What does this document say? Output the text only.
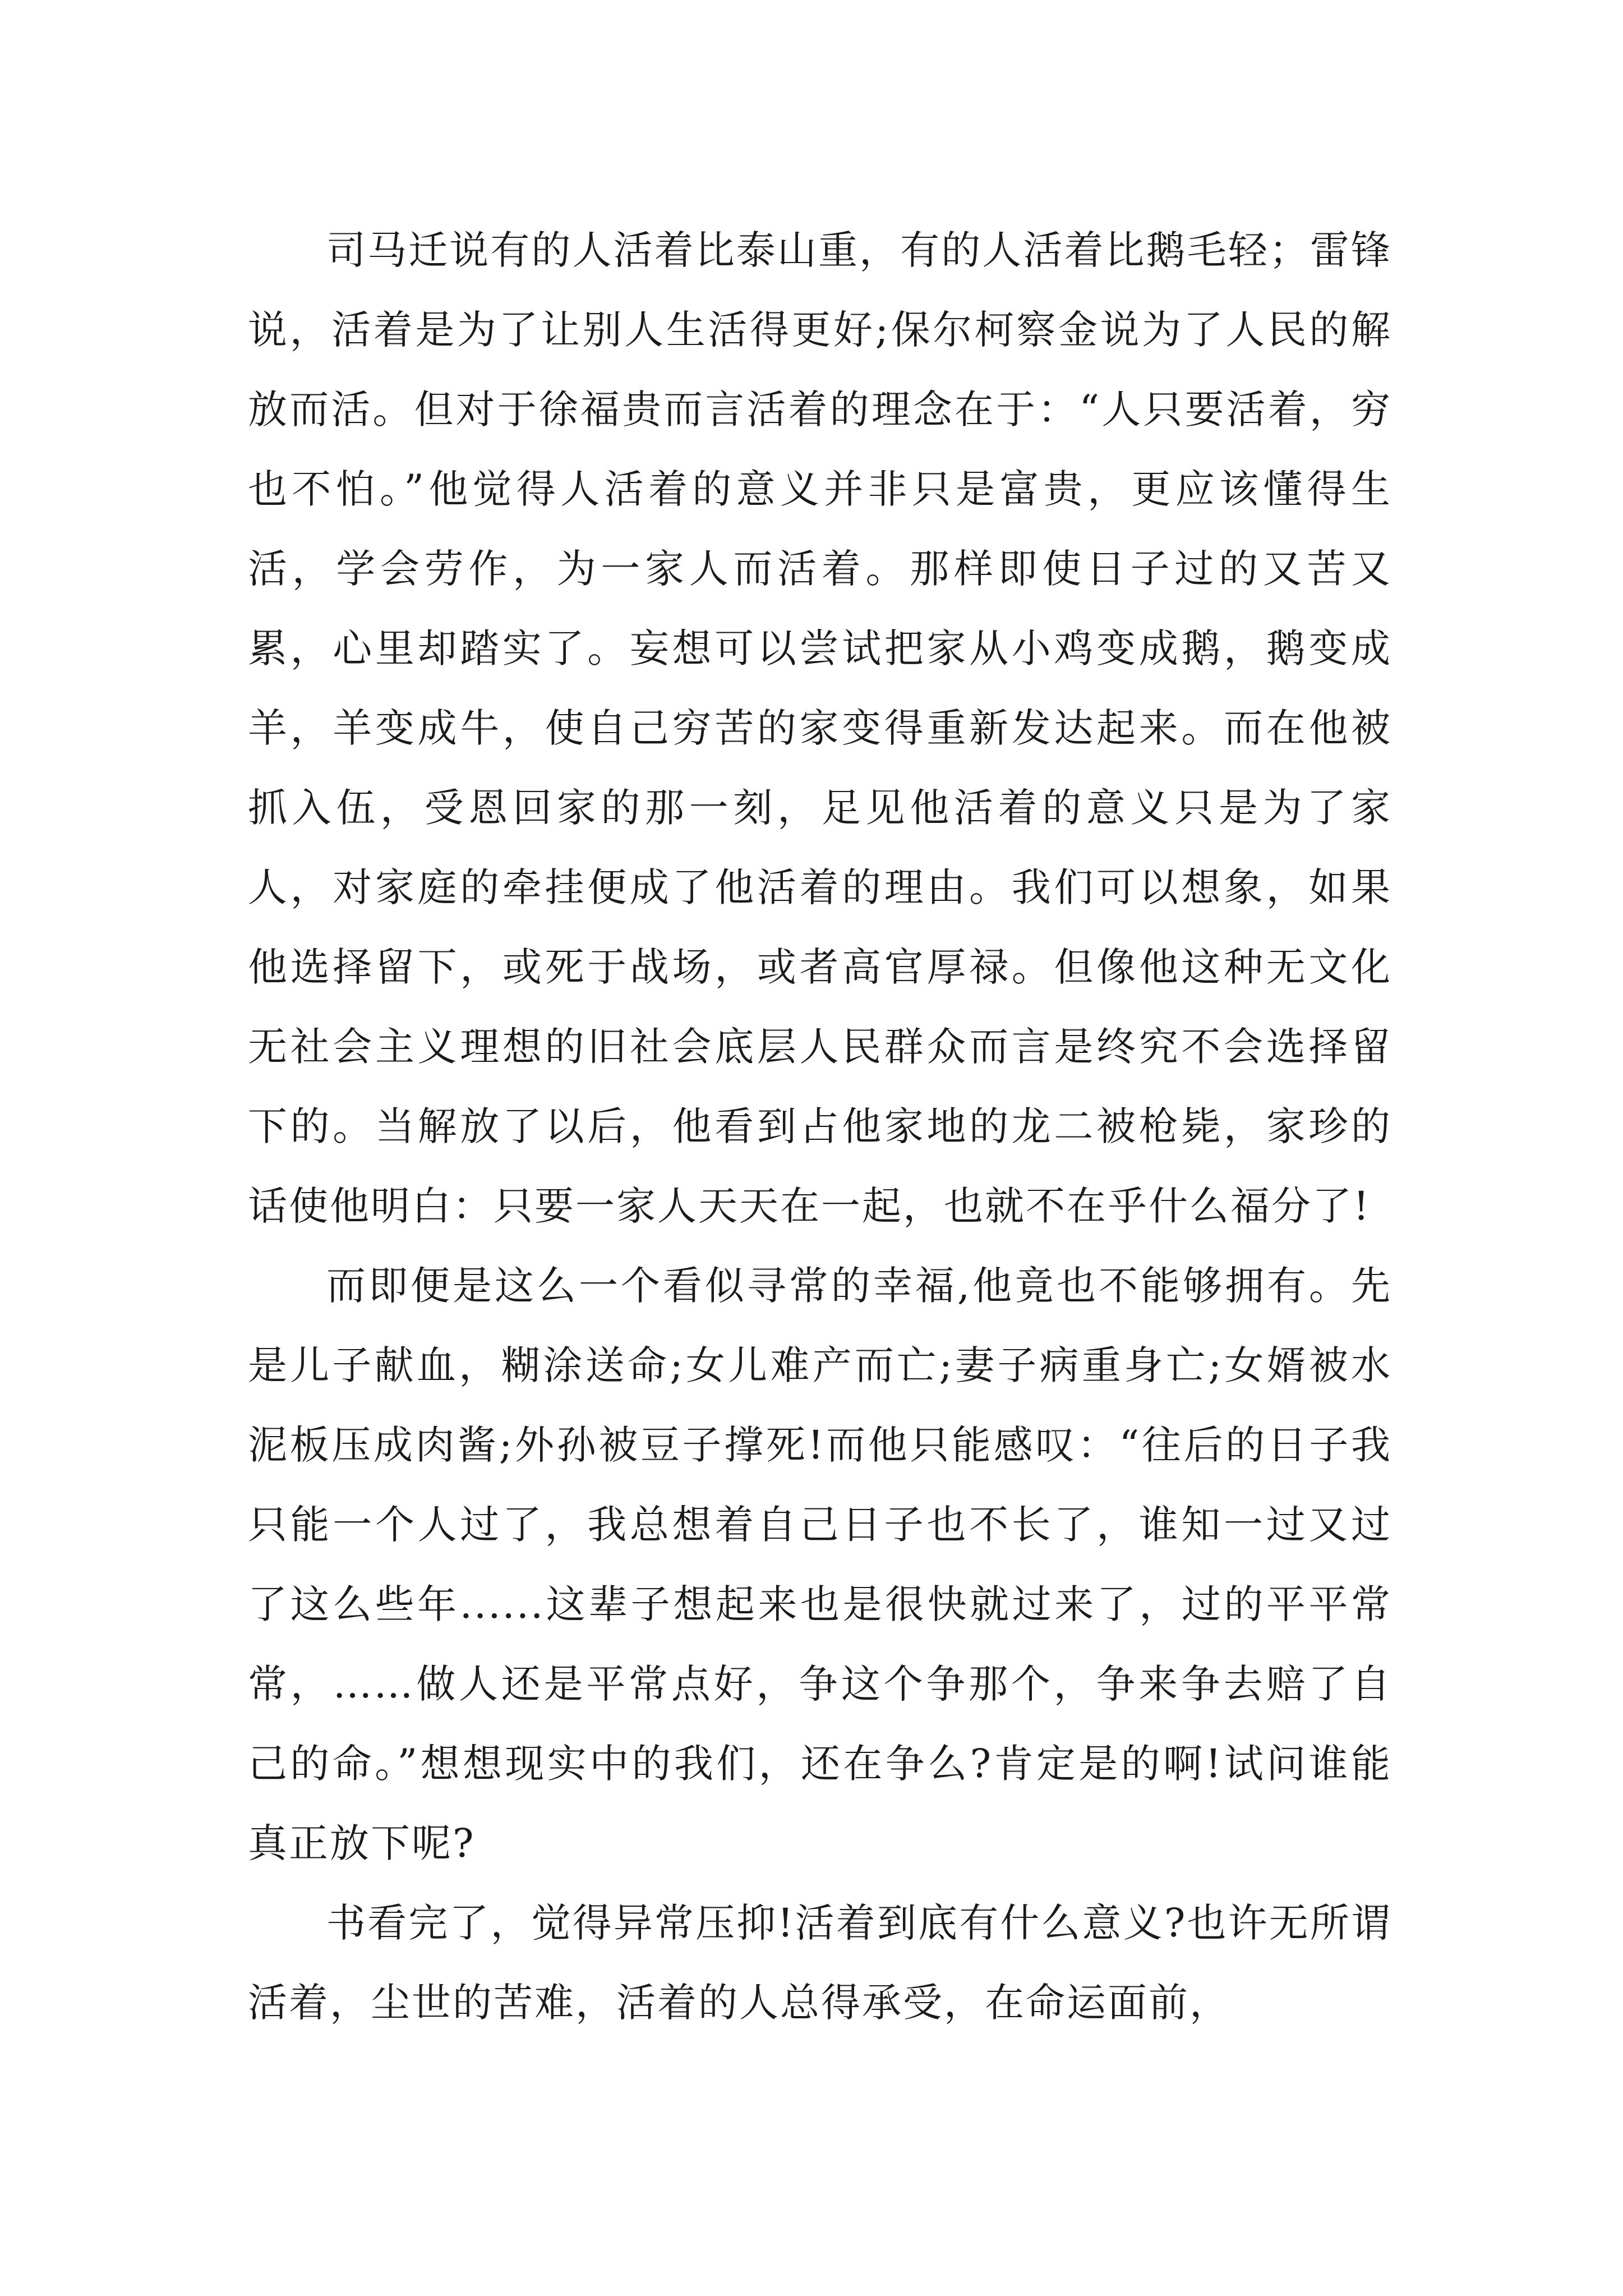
司马迁说有的人活着比泰山重，有的人活着比鹅毛轻；雷锋说，活着是为了让别人生活得更好;保尔柯察金说为了人民的解放而活。但对于徐福贵而言活着的理念在于：“人只要活着，穷也不怕。”他觉得人活着的意义并非只是富贵，更应该懂得生活，学会劳作，为一家人而活着。那样即使日子过的又苦又累，心里却踏实了。妄想可以尝试把家从小鸡变成鹅，鹅变成羊，羊变成牛，使自己穷苦的家变得重新发达起来。而在他被抓入伍，受恩回家的那一刻，足见他活着的意义只是为了家人，对家庭的牵挂便成了他活着的理由。我们可以想象，如果他选择留下，或死于战场，或者高官厚禄。但像他这种无文化无社会主义理想的旧社会底层人民群众而言是终究不会选择留下的。当解放了以后，他看到占他家地的龙二被枪毙，家珍的话使他明白：只要一家人天天在一起，也就不在乎什么福分了!

而即便是这么一个看似寻常的幸福,他竟也不能够拥有。先是儿子献血，糊涂送命;女儿难产而亡;妻子病重身亡;女婿被水泥板压成肉酱;外孙被豆子撑死!而他只能感叹：“往后的日子我只能一个人过了，我总想着自己日子也不长了，谁知一过又过了这么些年......这辈子想起来也是很快就过来了，过的平平常常，……做人还是平常点好，争这个争那个，争来争去赔了自己的命。”想想现实中的我们，还在争么?肯定是的啊!试问谁能真正放下呢?

书看完了，觉得异常压抑!活着到底有什么意义?也许无所谓活着，尘世的苦难，活着的人总得承受，在命运面前，
